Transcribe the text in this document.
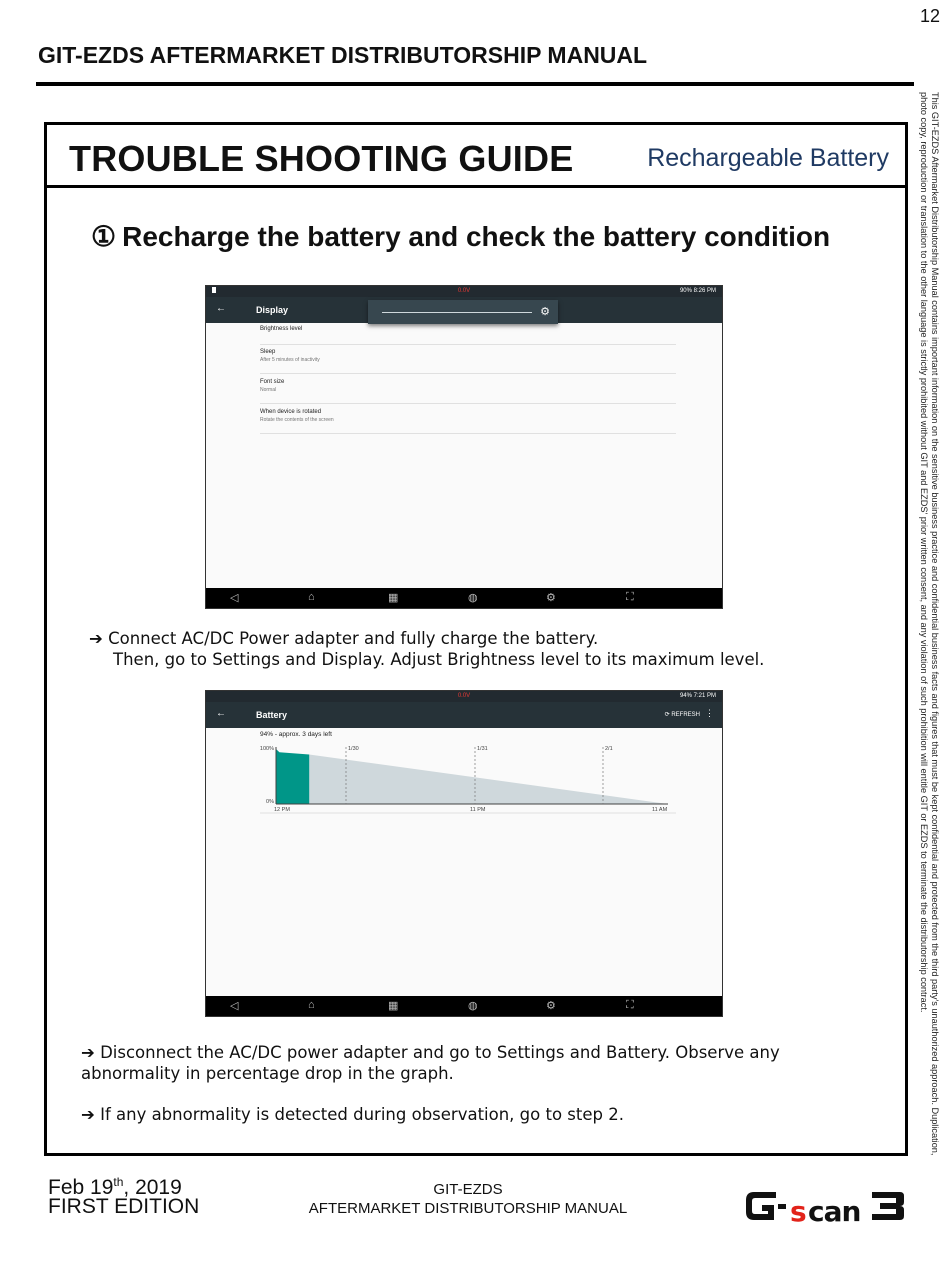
12
GIT-EZDS AFTERMARKET DISTRIBUTORSHIP MANUAL
TROUBLE SHOOTING GUIDE	Rechargeable Battery
① Recharge the battery and check the battery condition
0.0V	90% 8:26 PM
←	Display	⚙
Brightness level
Sleep
After 5 minutes of inactivity
Font size
Normal
When device is rotated
Rotate the contents of the screen
◁	⌂	▦	◍	⚙	⛶
➔ Connect AC/DC Power adapter and fully charge the battery.
Then, go to Settings and Display. Adjust Brightness level to its maximum level.
0.0V	94% 7:21 PM
←	Battery	⟳ REFRESH ⋮
94% - approx. 3 days left
1/30	1/31	2/1
100%
0%
12 PM	11 PM	11 AM
◁	⌂	▦	◍	⚙	⛶
➔ Disconnect the AC/DC power adapter and go to Settings and Battery. Observe any abnormality in percentage drop in the graph.
➔ If any abnormality is detected during observation, go to step 2.	This GIT-EZDS Aftermarket Distributorship Manual contains important information on the sensitive business practice and confidential business facts and figures that must be kept confidential and protected from the third party's unauthorized approach. Duplication, photo copy, reproduction or translation to the other language is strictly prohibited without GIT and EZDS' prior written consent, and any violation of such prohibition will entitle GIT or EZDS to terminate the distributorship contract.
Feb 19th, 2019
FIRST EDITION
GIT-EZDS
AFTERMARKET DISTRIBUTORSHIP MANUAL	s can
